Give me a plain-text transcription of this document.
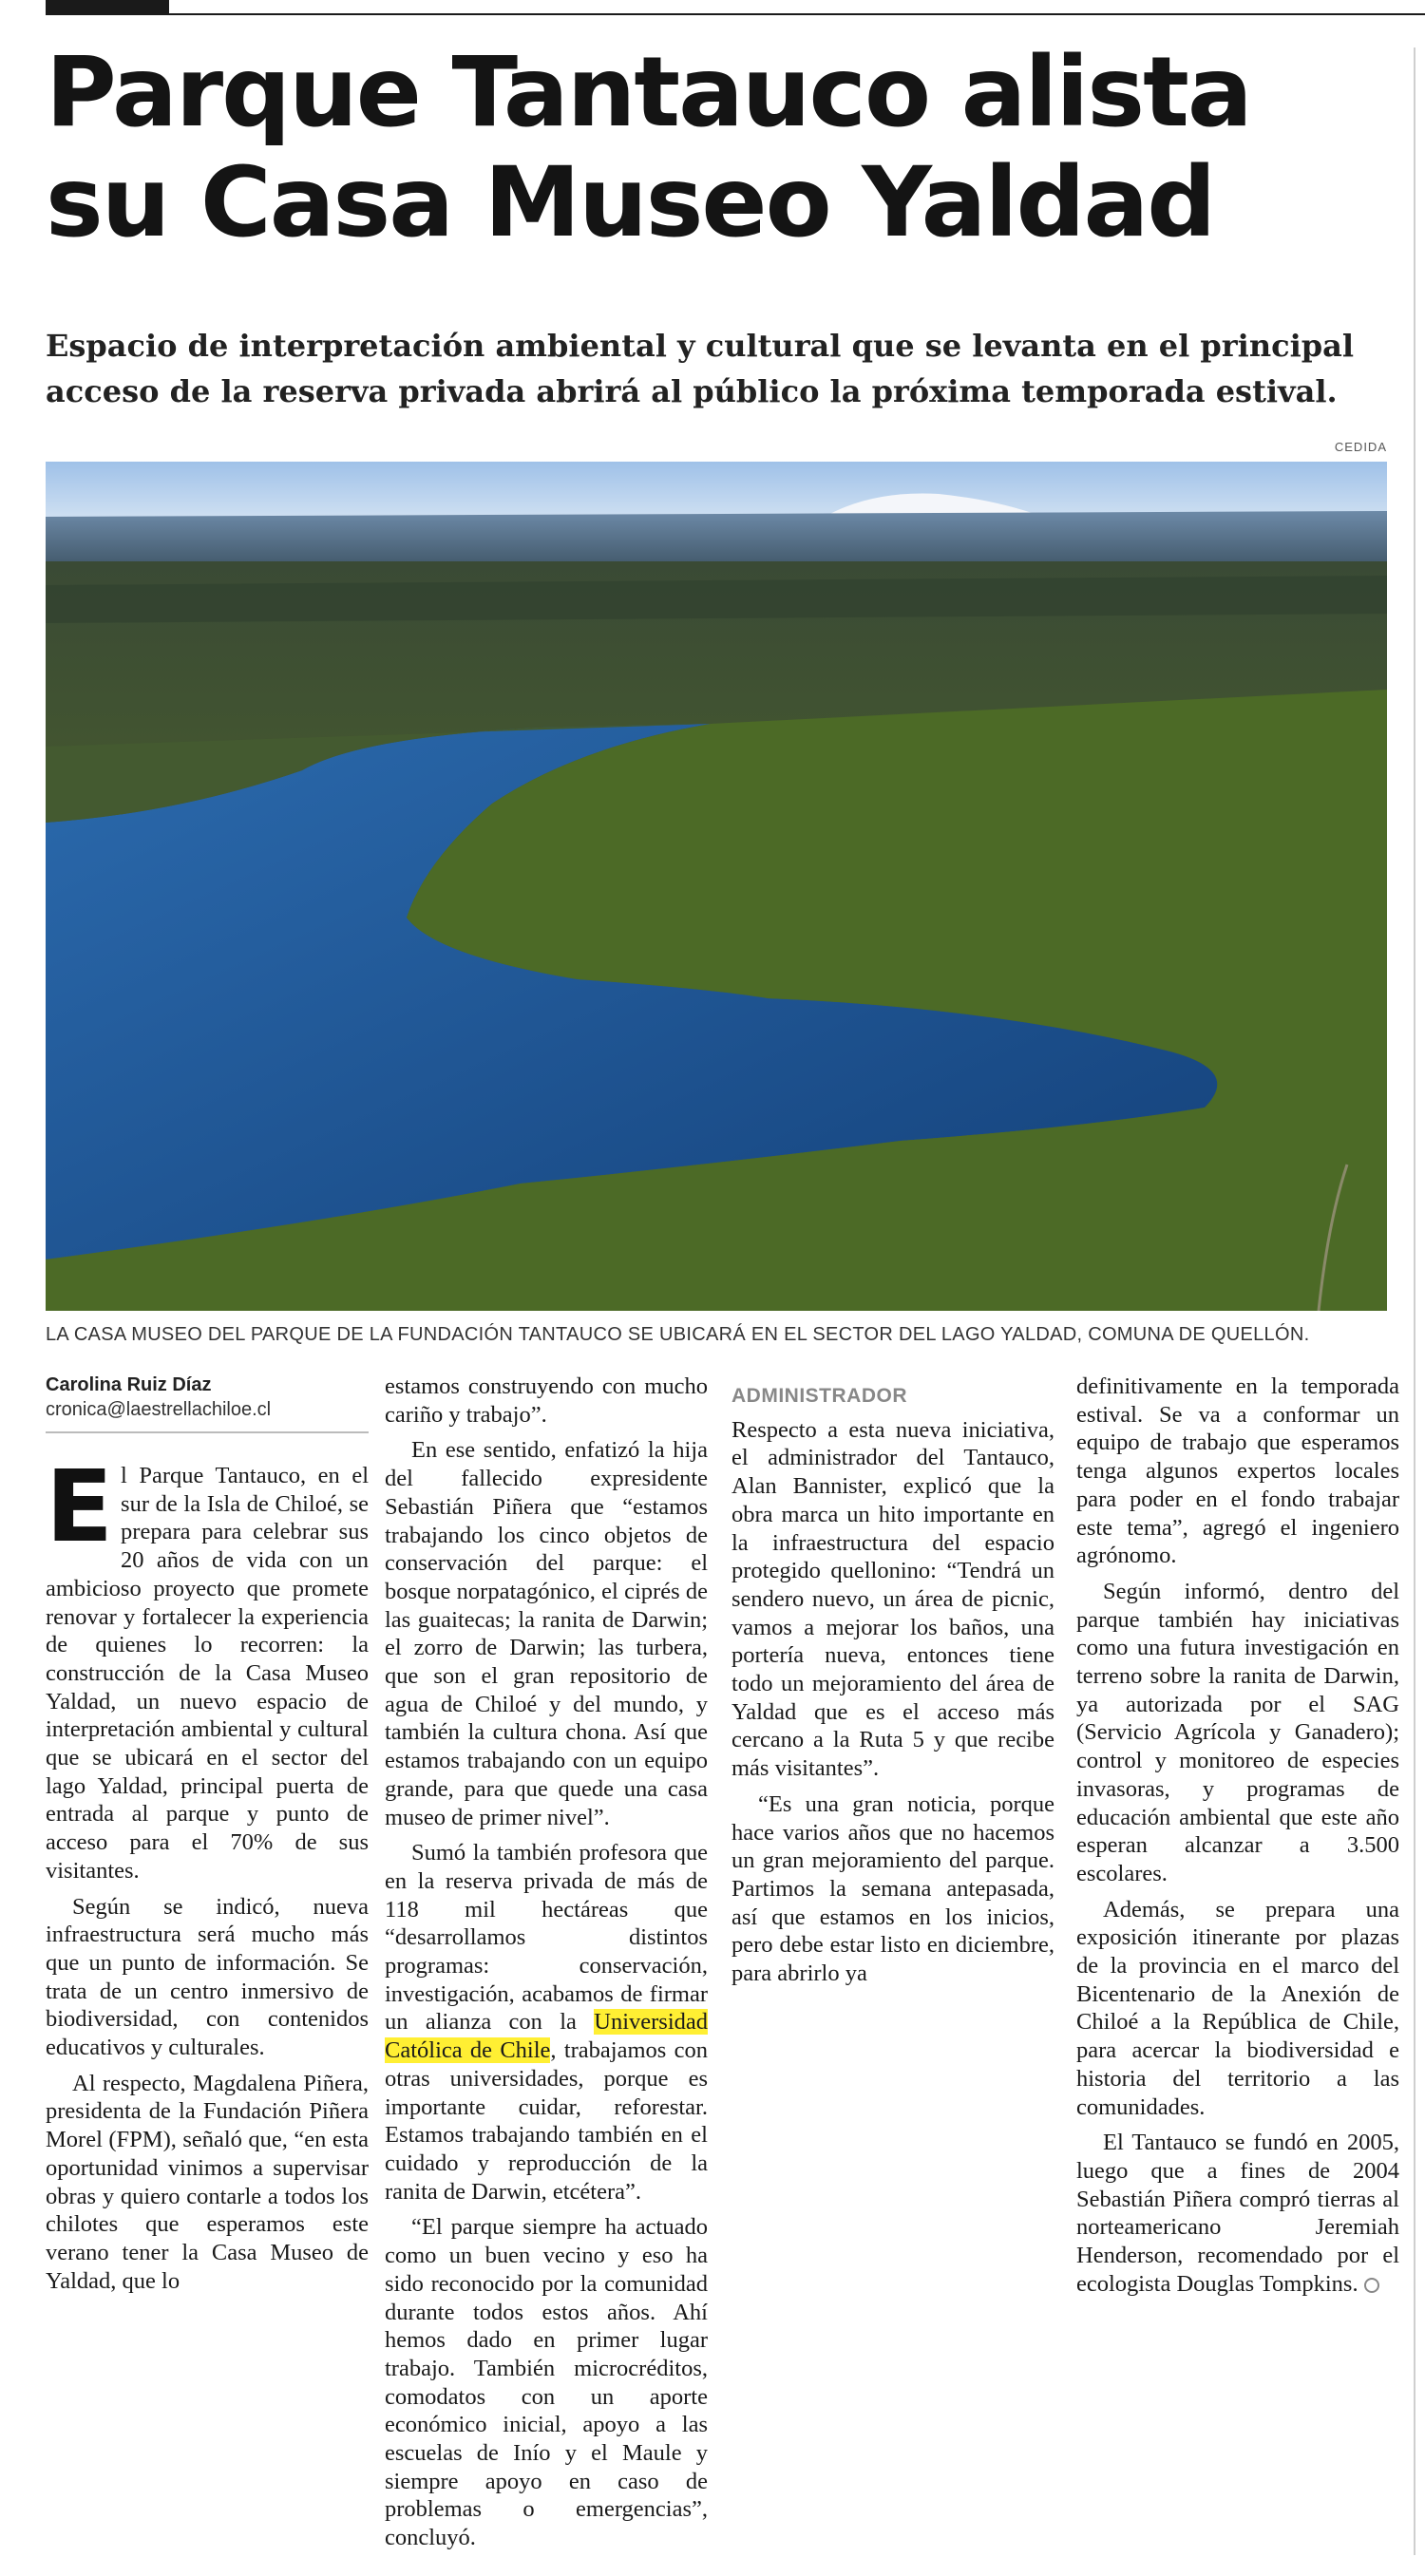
Parque Tantauco alista su Casa Museo Yaldad

Espacio de interpretación ambiental y cultural que se levanta en el principal acceso de la reserva privada abrirá al público la próxima temporada estival.

CEDIDA

LA CASA MUSEO DEL PARQUE DE LA FUNDACIÓN TANTAUCO SE UBICARÁ EN EL SECTOR DEL LAGO YALDAD, COMUNA DE QUELLÓN.

Carolina Ruiz Díaz
cronica@laestrellachiloe.cl

El Parque Tantauco, en el sur de la Isla de Chiloé, se prepara para celebrar sus 20 años de vida con un ambicioso proyecto que promete renovar y fortalecer la experiencia de quienes lo recorren: la construcción de la Casa Museo Yaldad, un nuevo espacio de interpretación ambiental y cultural que se ubicará en el sector del lago Yaldad, principal puerta de entrada al parque y punto de acceso para el 70% de sus visitantes.

Según se indicó, nueva infraestructura será mucho más que un punto de información. Se trata de un centro inmersivo de biodiversidad, con contenidos educativos y culturales.

Al respecto, Magdalena Piñera, presidenta de la Fundación Piñera Morel (FPM), señaló que, “en esta oportunidad vinimos a supervisar obras y quiero contarle a todos los chilotes que esperamos este verano tener la Casa Museo de Yaldad, que lo

estamos construyendo con mucho cariño y trabajo”.

En ese sentido, enfatizó la hija del fallecido expresidente Sebastián Piñera que “estamos trabajando los cinco objetos de conservación del parque: el bosque norpatagónico, el ciprés de las guaitecas; la ranita de Darwin; el zorro de Darwin; las turbera, que son el gran repositorio de agua de Chiloé y del mundo, y también la cultura chona. Así que estamos trabajando con un equipo grande, para que quede una casa museo de primer nivel”.

Sumó la también profesora que en la reserva privada de más de 118 mil hectáreas que “desarrollamos distintos programas: conservación, investigación, acabamos de firmar un alianza con la Universidad Católica de Chile, trabajamos con otras universidades, porque es importante cuidar, reforestar. Estamos trabajando también en el cuidado y reproducción de la ranita de Darwin, etcétera”.

“El parque siempre ha actuado como un buen vecino y eso ha sido reconocido por la comunidad durante todos estos años. Ahí hemos dado en primer lugar trabajo. También microcréditos, comodatos con un aporte económico inicial, apoyo a las escuelas de Inío y el Maule y siempre apoyo en caso de problemas o emergencias”, concluyó.

ADMINISTRADOR

Respecto a esta nueva iniciativa, el administrador del Tantauco, Alan Bannister, explicó que la obra marca un hito importante en la infraestructura del espacio protegido quellonino: “Tendrá un sendero nuevo, un área de picnic, vamos a mejorar los baños, una portería nueva, entonces tiene todo un mejoramiento del área de Yaldad que es el acceso más cercano a la Ruta 5 y que recibe más visitantes”.

“Es una gran noticia, porque hace varios años que no hacemos un gran mejoramiento del parque. Partimos la semana antepasada, así que estamos en los inicios, pero debe estar listo en diciembre, para abrirlo ya

definitivamente en la temporada estival. Se va a conformar un equipo de trabajo que esperamos tenga algunos expertos locales para poder en el fondo trabajar este tema”, agregó el ingeniero agrónomo.

Según informó, dentro del parque también hay iniciativas como una futura investigación en terreno sobre la ranita de Darwin, ya autorizada por el SAG (Servicio Agrícola y Ganadero); control y monitoreo de especies invasoras, y programas de educación ambiental que este año esperan alcanzar a 3.500 escolares.

Además, se prepara una exposición itinerante por plazas de la provincia en el marco del Bicentenario de la Anexión de Chiloé a la República de Chile, para acercar la biodiversidad e historia del territorio a las comunidades.

El Tantauco se fundó en 2005, luego que a fines de 2004 Sebastián Piñera compró tierras al norteamericano Jeremiah Henderson, recomendado por el ecologista Douglas Tompkins.
